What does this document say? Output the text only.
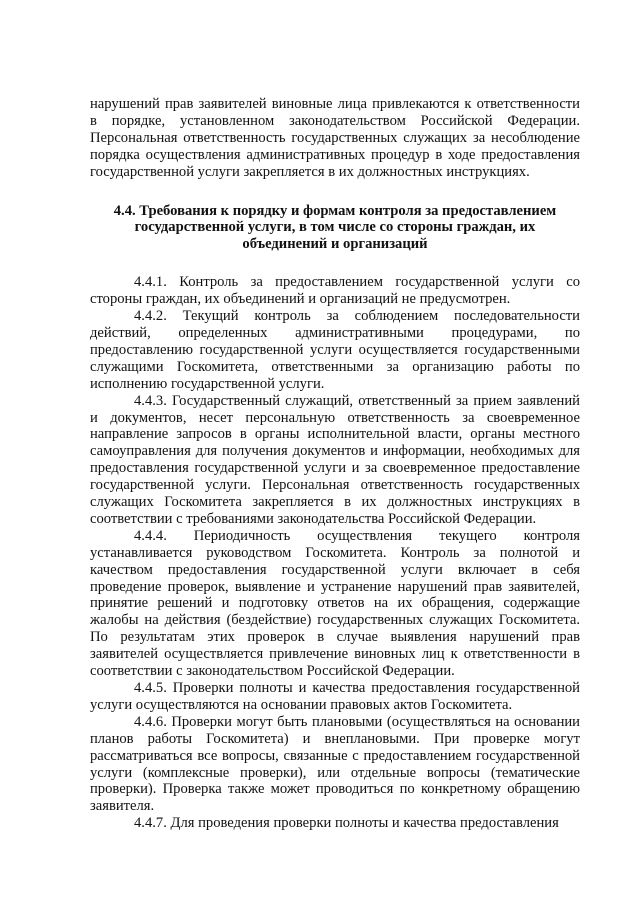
нарушений прав заявителей виновные лица привлекаются к ответственности в порядке, установленном законодательством Российской Федерации. Персональная ответственность государственных служащих за несоблюдение порядка осуществления административных процедур в ходе предоставления государственной услуги закрепляется в их должностных инструкциях.

4.4. Требования к порядку и формам контроля за предоставлением государственной услуги, в том числе со стороны граждан, их объединений и организаций

4.4.1. Контроль за предоставлением государственной услуги со стороны граждан, их объединений и организаций не предусмотрен.

4.4.2. Текущий контроль за соблюдением последовательности действий, определенных административными процедурами, по предоставлению государственной услуги осуществляется государственными служащими Госкомитета, ответственными за организацию работы по исполнению государственной услуги.

4.4.3. Государственный служащий, ответственный за прием заявлений и документов, несет персональную ответственность за своевременное направление запросов в органы исполнительной власти, органы местного самоуправления для получения документов и информации, необходимых для предоставления государственной услуги и за своевременное предоставление государственной услуги. Персональная ответственность государственных служащих Госкомитета закрепляется в их должностных инструкциях в соответствии с требованиями законодательства Российской Федерации.

4.4.4. Периодичность осуществления текущего контроля устанавливается руководством Госкомитета. Контроль за полнотой и качеством предоставления государственной услуги включает в себя проведение проверок, выявление и устранение нарушений прав заявителей, принятие решений и подготовку ответов на их обращения, содержащие жалобы на действия (бездействие) государственных служащих Госкомитета. По результатам этих проверок в случае выявления нарушений прав заявителей осуществляется привлечение виновных лиц к ответственности в соответствии с законодательством Российской Федерации.

4.4.5. Проверки полноты и качества предоставления государственной услуги осуществляются на основании правовых актов Госкомитета.

4.4.6. Проверки могут быть плановыми (осуществляться на основании планов работы Госкомитета) и внеплановыми. При проверке могут рассматриваться все вопросы, связанные с предоставлением государственной услуги (комплексные проверки), или отдельные вопросы (тематические проверки). Проверка также может проводиться по конкретному обращению заявителя.

4.4.7. Для проведения проверки полноты и качества предоставления
